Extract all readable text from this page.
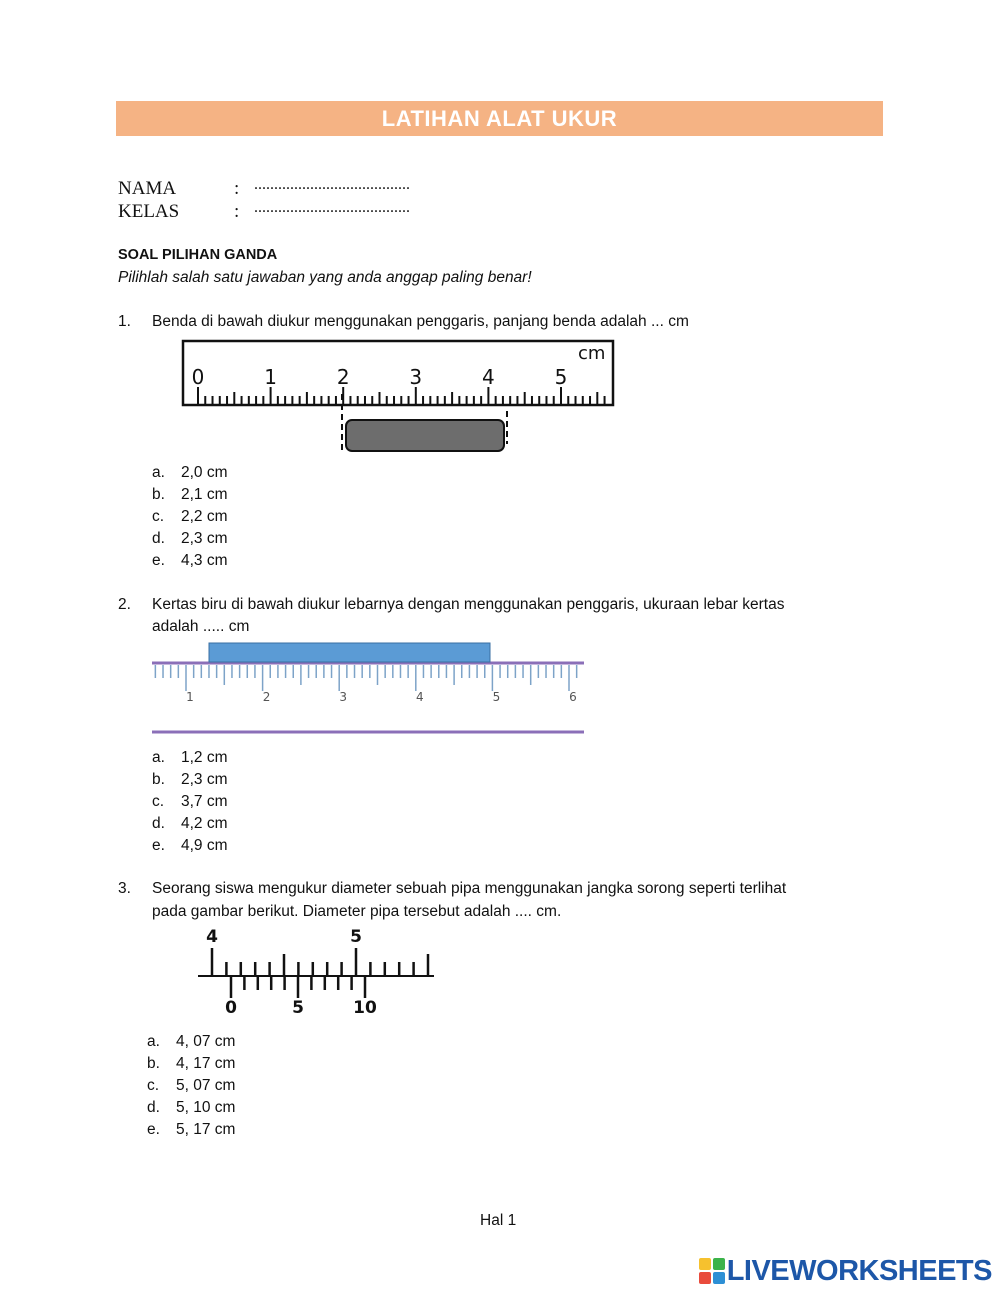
LATIHAN ALAT UKUR
NAMA	: .......................................
KELAS	: .......................................
SOAL PILIHAN GANDA
Pilihlah salah satu jawaban yang anda anggap paling benar!
1. Benda di bawah diukur menggunakan penggaris, panjang benda adalah ... cm
0	1	2	3	4	5
cm
a. 2,0 cm
b. 2,1 cm
c. 2,2 cm
d. 2,3 cm
e. 4,3 cm
2. Kertas biru di bawah diukur lebarnya dengan menggunakan penggaris, ukuraan lebar kertas
adalah ..... cm
1	2	3	4	5	6
a. 1,2 cm
b. 2,3 cm
c. 3,7 cm
d. 4,2 cm
e. 4,9 cm
3. Seorang siswa mengukur diameter sebuah pipa menggunakan jangka sorong seperti terlihat
pada gambar berikut. Diameter pipa tersebut adalah .... cm.
4	5
0	5	10
a. 4, 07 cm
b. 4, 17 cm
c. 5, 07 cm
d. 5, 10 cm
e. 5, 17 cm
Hal 1
LIVEWORKSHEETS
